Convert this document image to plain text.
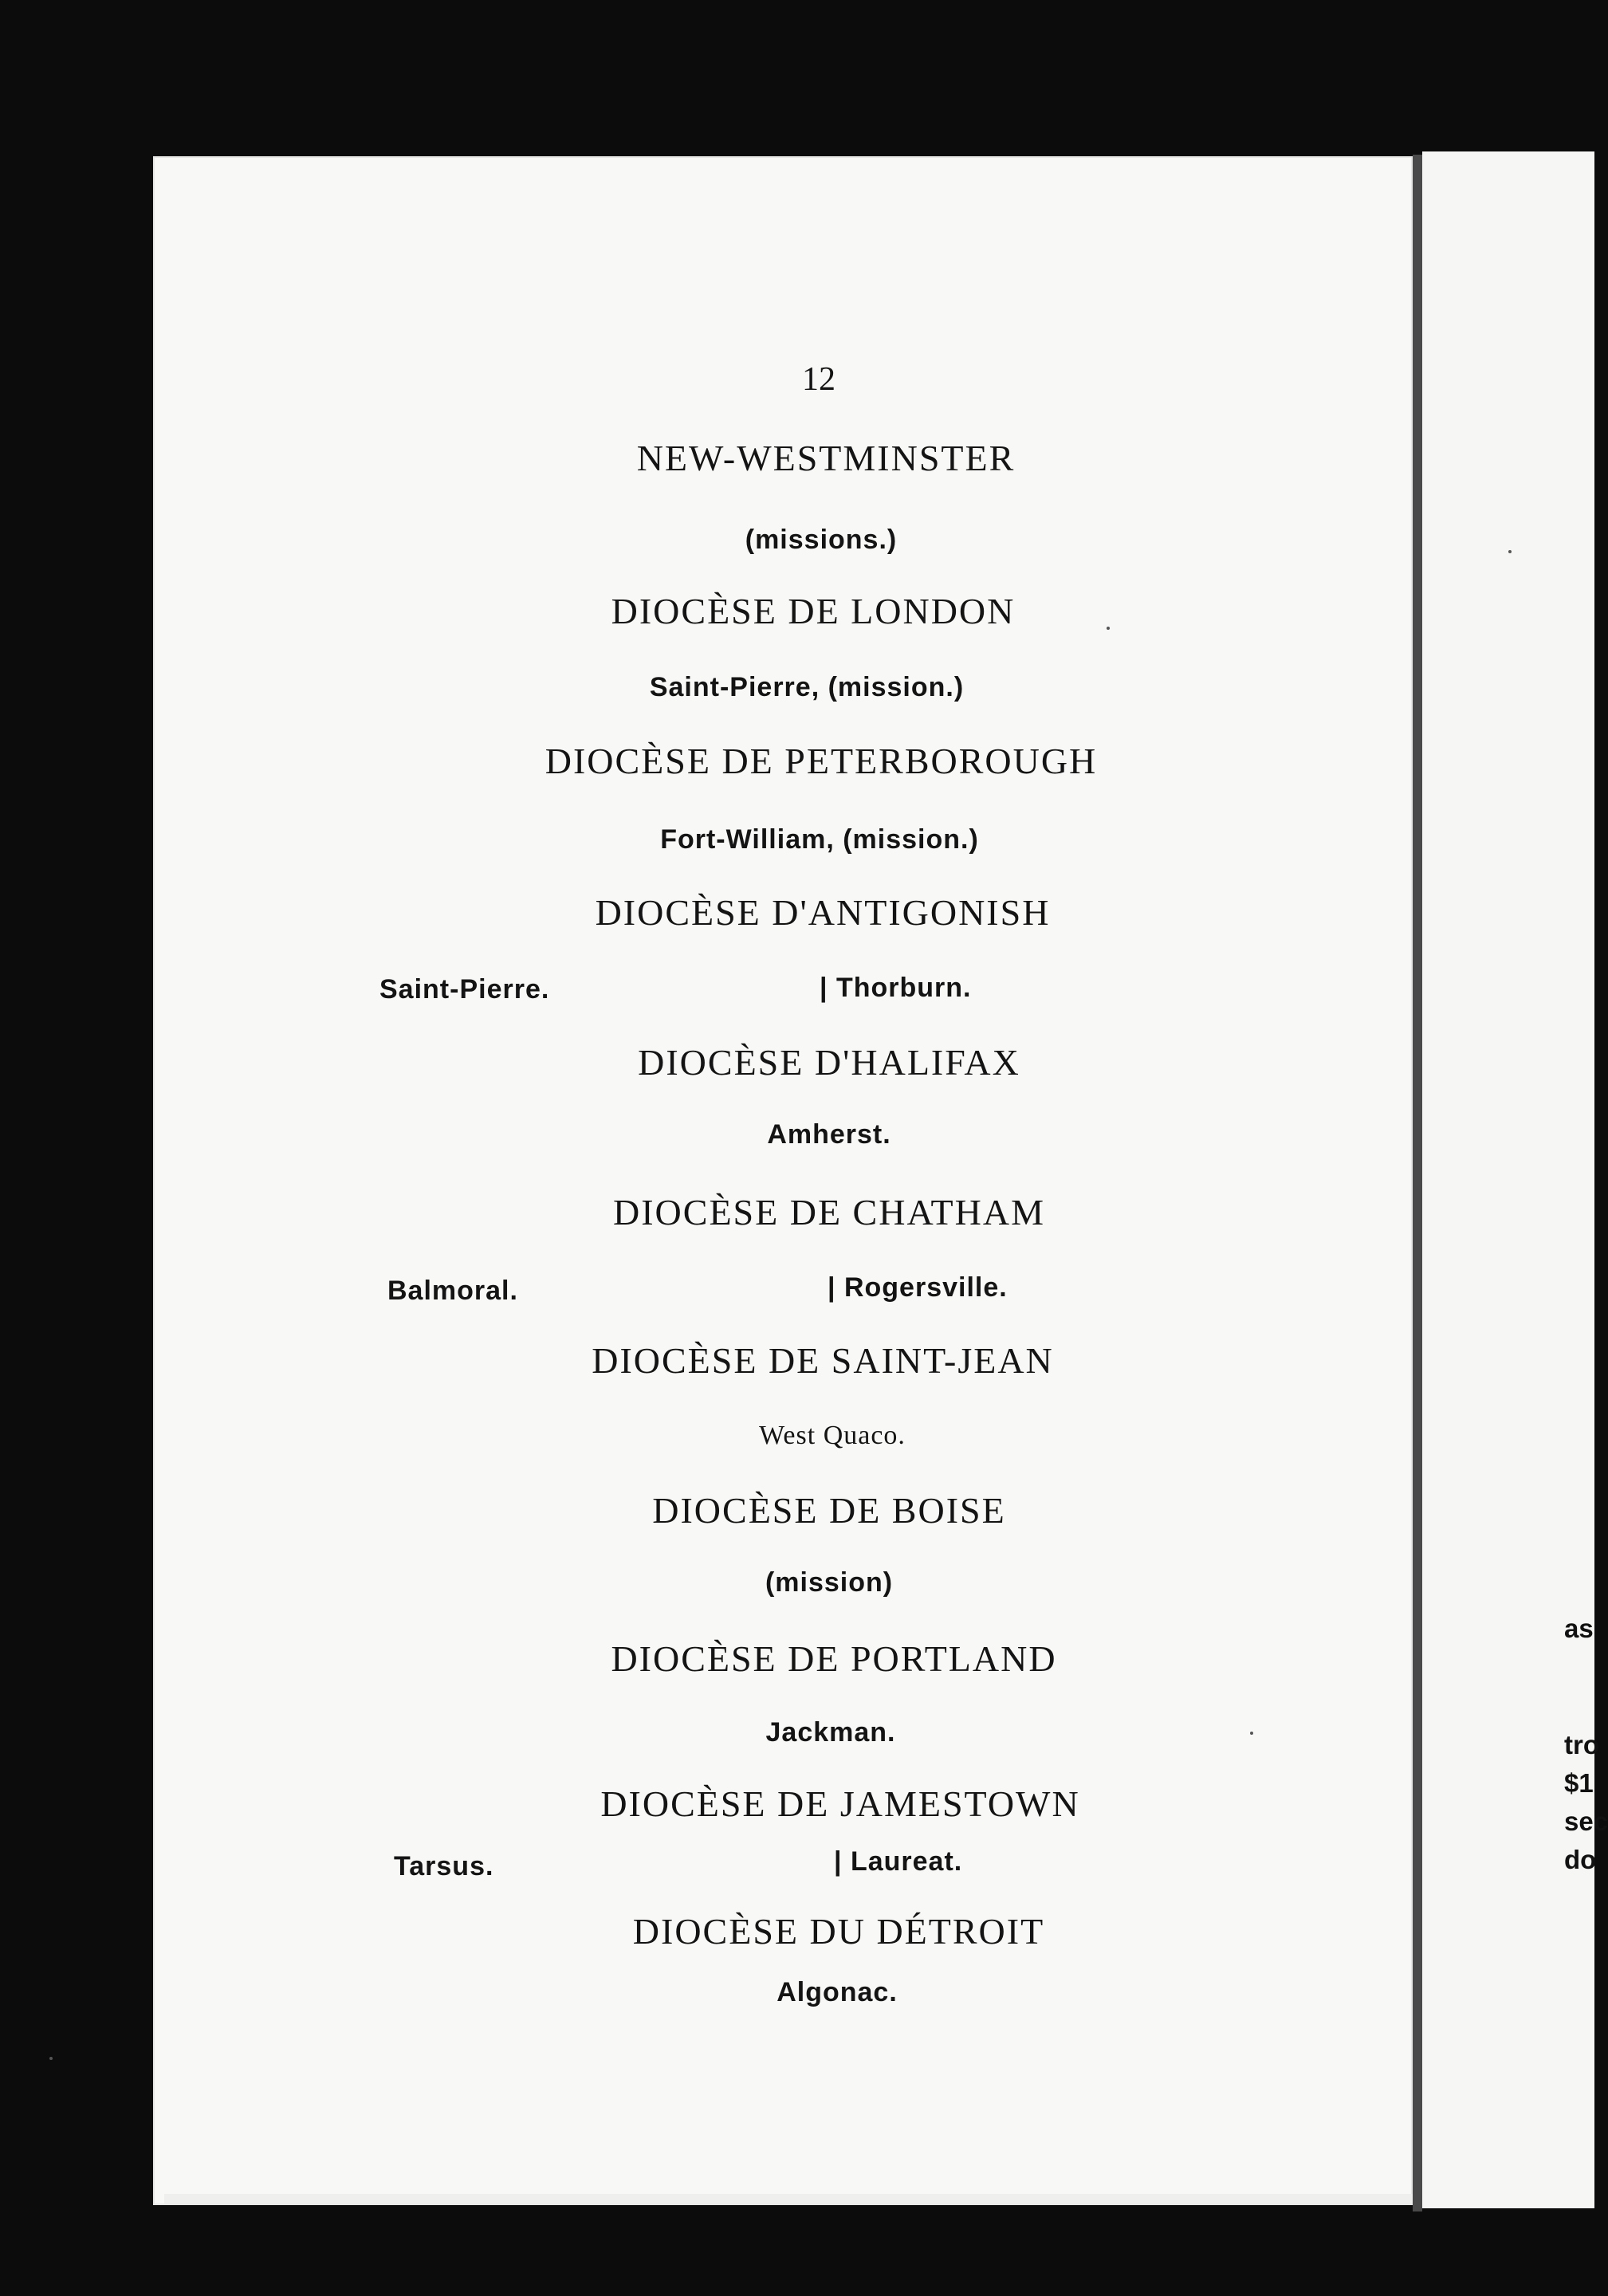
as
tro
$1
sec
do
12
NEW-WESTMINSTER
(missions.)
DIOCÈSE DE LONDON
Saint-Pierre, (mission.)
DIOCÈSE DE PETERBOROUGH
Fort-William, (mission.)
DIOCÈSE D'ANTIGONISH
Saint-Pierre.	| Thorburn.
DIOCÈSE D'HALIFAX
Amherst.
DIOCÈSE DE CHATHAM
Balmoral.	| Rogersville.
DIOCÈSE DE SAINT-JEAN
West Quaco.
DIOCÈSE DE BOISE
(mission)
DIOCÈSE DE PORTLAND
Jackman.
DIOCÈSE DE JAMESTOWN
Tarsus.	| Laureat.
DIOCÈSE DU DÉTROIT
Algonac.
